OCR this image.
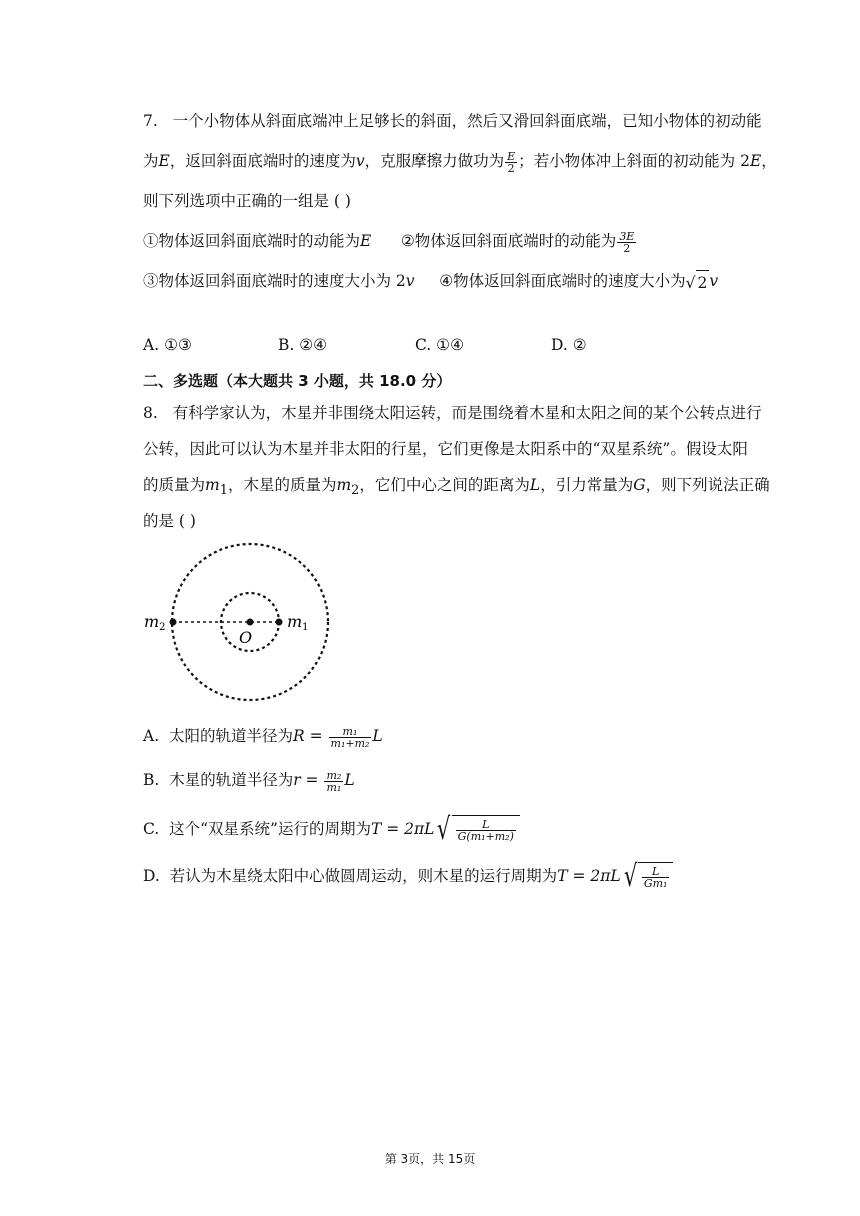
7. 一个小物体从斜面底端冲上足够长的斜面，然后又滑回斜面底端，已知小物体的初动能
为E，返回斜面底端时的速度为v，克服摩擦力做功为 $\frac{E}{2}$ ；若小物体冲上斜面的初动能为 2E，
则下列选项中正确的一组是 ( )
①物体返回斜面底端时的动能为E ②物体返回斜面底端时的动能为 $\frac{3E}{2}$
③物体返回斜面底端时的速度大小为 2v ④物体返回斜面底端时的速度大小为√ 2 v
A. ①③	B. ②④	C. ①④	D. ②
二、多选题（本大题共 3 小题，共 18.0 分）
8. 有科学家认为，木星并非围绕太阳运转，而是围绕着木星和太阳之间的某个公转点进行
公转，因此可以认为木星并非太阳的行星，它们更像是太阳系中的“双星系统”。假设太阳
的质量为$m_1$，木星的质量为$m_2$，它们中心之间的距离为L，引力常量为G，则下列说法正确
的是 ( )
m2	m1
O
A. 太阳的轨道半径为$R = \frac{\text{m₁}}{\text{m₁+m₂}}$ L
B. 木星的轨道半径为$r = \frac{\text{m₂}}{\text{m₁}}$ L
C. 这个“双星系统”运行的周期为T = 2πL √ $\frac{L}{\text{G(m₁+m₂)}}$
D. 若认为木星绕太阳中心做圆周运动，则木星的运行周期为T = 2πL √ $\frac{L}{\text{Gm₁}}$
第 3页，共 15页
